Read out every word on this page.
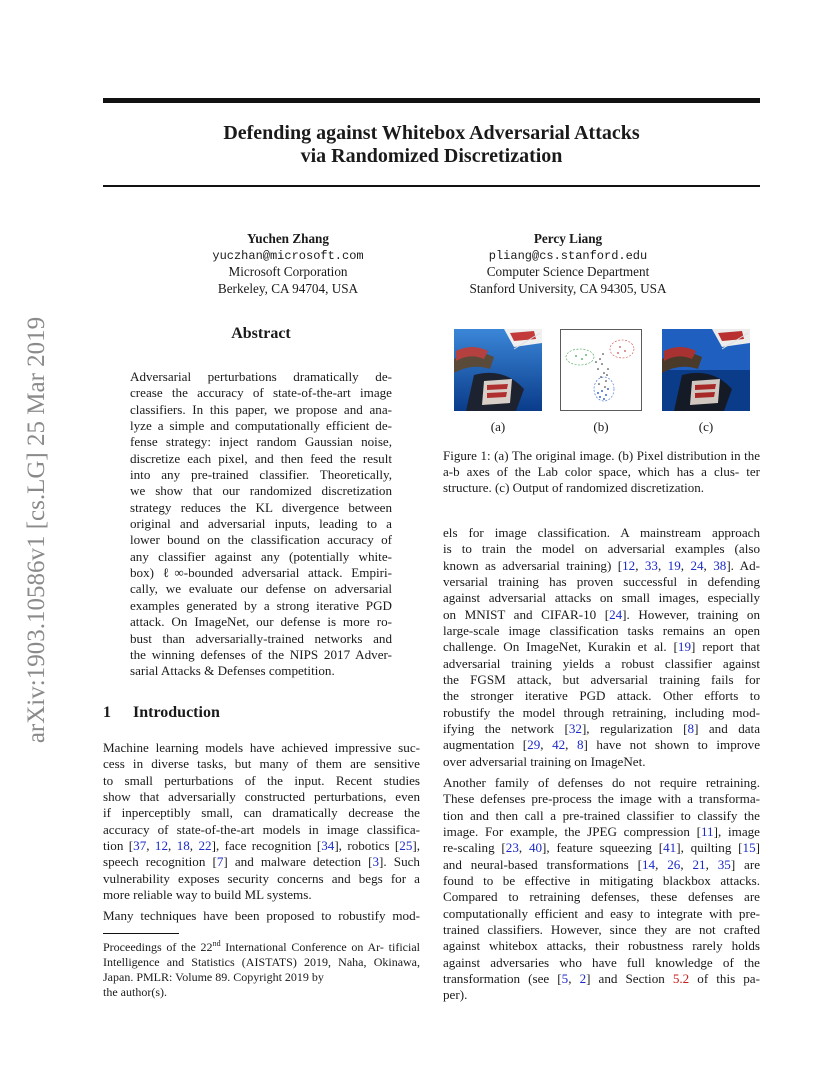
arXiv:1903.10586v1 [cs.LG] 25 Mar 2019
Defending against Whitebox Adversarial Attacks
via Randomized Discretization
Yuchen Zhang
yuczhan@microsoft.com
Microsoft Corporation
Berkeley, CA 94704, USA
Percy Liang
pliang@cs.stanford.edu
Computer Science Department
Stanford University, CA 94305, USA
Abstract
Adversarial perturbations dramatically de-
crease the accuracy of state-of-the-art image
classifiers. In this paper, we propose and ana-
lyze a simple and computationally efficient de-
fense strategy: inject random Gaussian noise,
discretize each pixel, and then feed the result
into any pre-trained classifier. Theoretically,
we show that our randomized discretization
strategy reduces the KL divergence between
original and adversarial inputs, leading to a
lower bound on the classification accuracy of
any classifier against any (potentially white-
box) ℓ∞-bounded adversarial attack. Empiri-
cally, we evaluate our defense on adversarial
examples generated by a strong iterative PGD
attack. On ImageNet, our defense is more ro-
bust than adversarially-trained networks and
the winning defenses of the NIPS 2017 Adver-
sarial Attacks & Defenses competition.
1 Introduction
Machine learning models have achieved impressive suc-
cess in diverse tasks, but many of them are sensitive
to small perturbations of the input. Recent studies
show that adversarially constructed perturbations, even
if inperceptibly small, can dramatically decrease the
accuracy of state-of-the-art models in image classifica-
tion [37, 12, 18, 22], face recognition [34], robotics [25],
speech recognition [7] and malware detection [3]. Such
vulnerability exposes security concerns and begs for a
more reliable way to build ML systems.
Many techniques have been proposed to robustify mod-
Proceedings of the 22nd International Conference on Ar- tificial Intelligence and Statistics (AISTATS) 2019, Naha, Okinawa, Japan. PMLR: Volume 89. Copyright 2019 by
the author(s).
(a)	(b)	(c)
Figure 1: (a) The original image. (b) Pixel distribution in the a-b axes of the Lab color space, which has a clus- ter structure. (c) Output of randomized discretization.
els for image classification. A mainstream approach
is to train the model on adversarial examples (also
known as adversarial training) [12, 33, 19, 24, 38]. Ad-
versarial training has proven successful in defending
against adversarial attacks on small images, especially
on MNIST and CIFAR-10 [24]. However, training on
large-scale image classification tasks remains an open
challenge. On ImageNet, Kurakin et al. [19] report that
adversarial training yields a robust classifier against
the FGSM attack, but adversarial training fails for
the stronger iterative PGD attack. Other efforts to
robustify the model through retraining, including mod-
ifying the network [32], regularization [8] and data
augmentation [29, 42, 8] have not shown to improve
over adversarial training on ImageNet.
Another family of defenses do not require retraining.
These defenses pre-process the image with a transforma-
tion and then call a pre-trained classifier to classify the
image. For example, the JPEG compression [11], image
re-scaling [23, 40], feature squeezing [41], quilting [15]
and neural-based transformations [14, 26, 21, 35] are
found to be effective in mitigating blackbox attacks.
Compared to retraining defenses, these defenses are
computationally efficient and easy to integrate with pre-
trained classifiers. However, since they are not crafted
against whitebox attacks, their robustness rarely holds
against adversaries who have full knowledge of the
transformation (see [5, 2] and Section 5.2 of this pa-
per).
